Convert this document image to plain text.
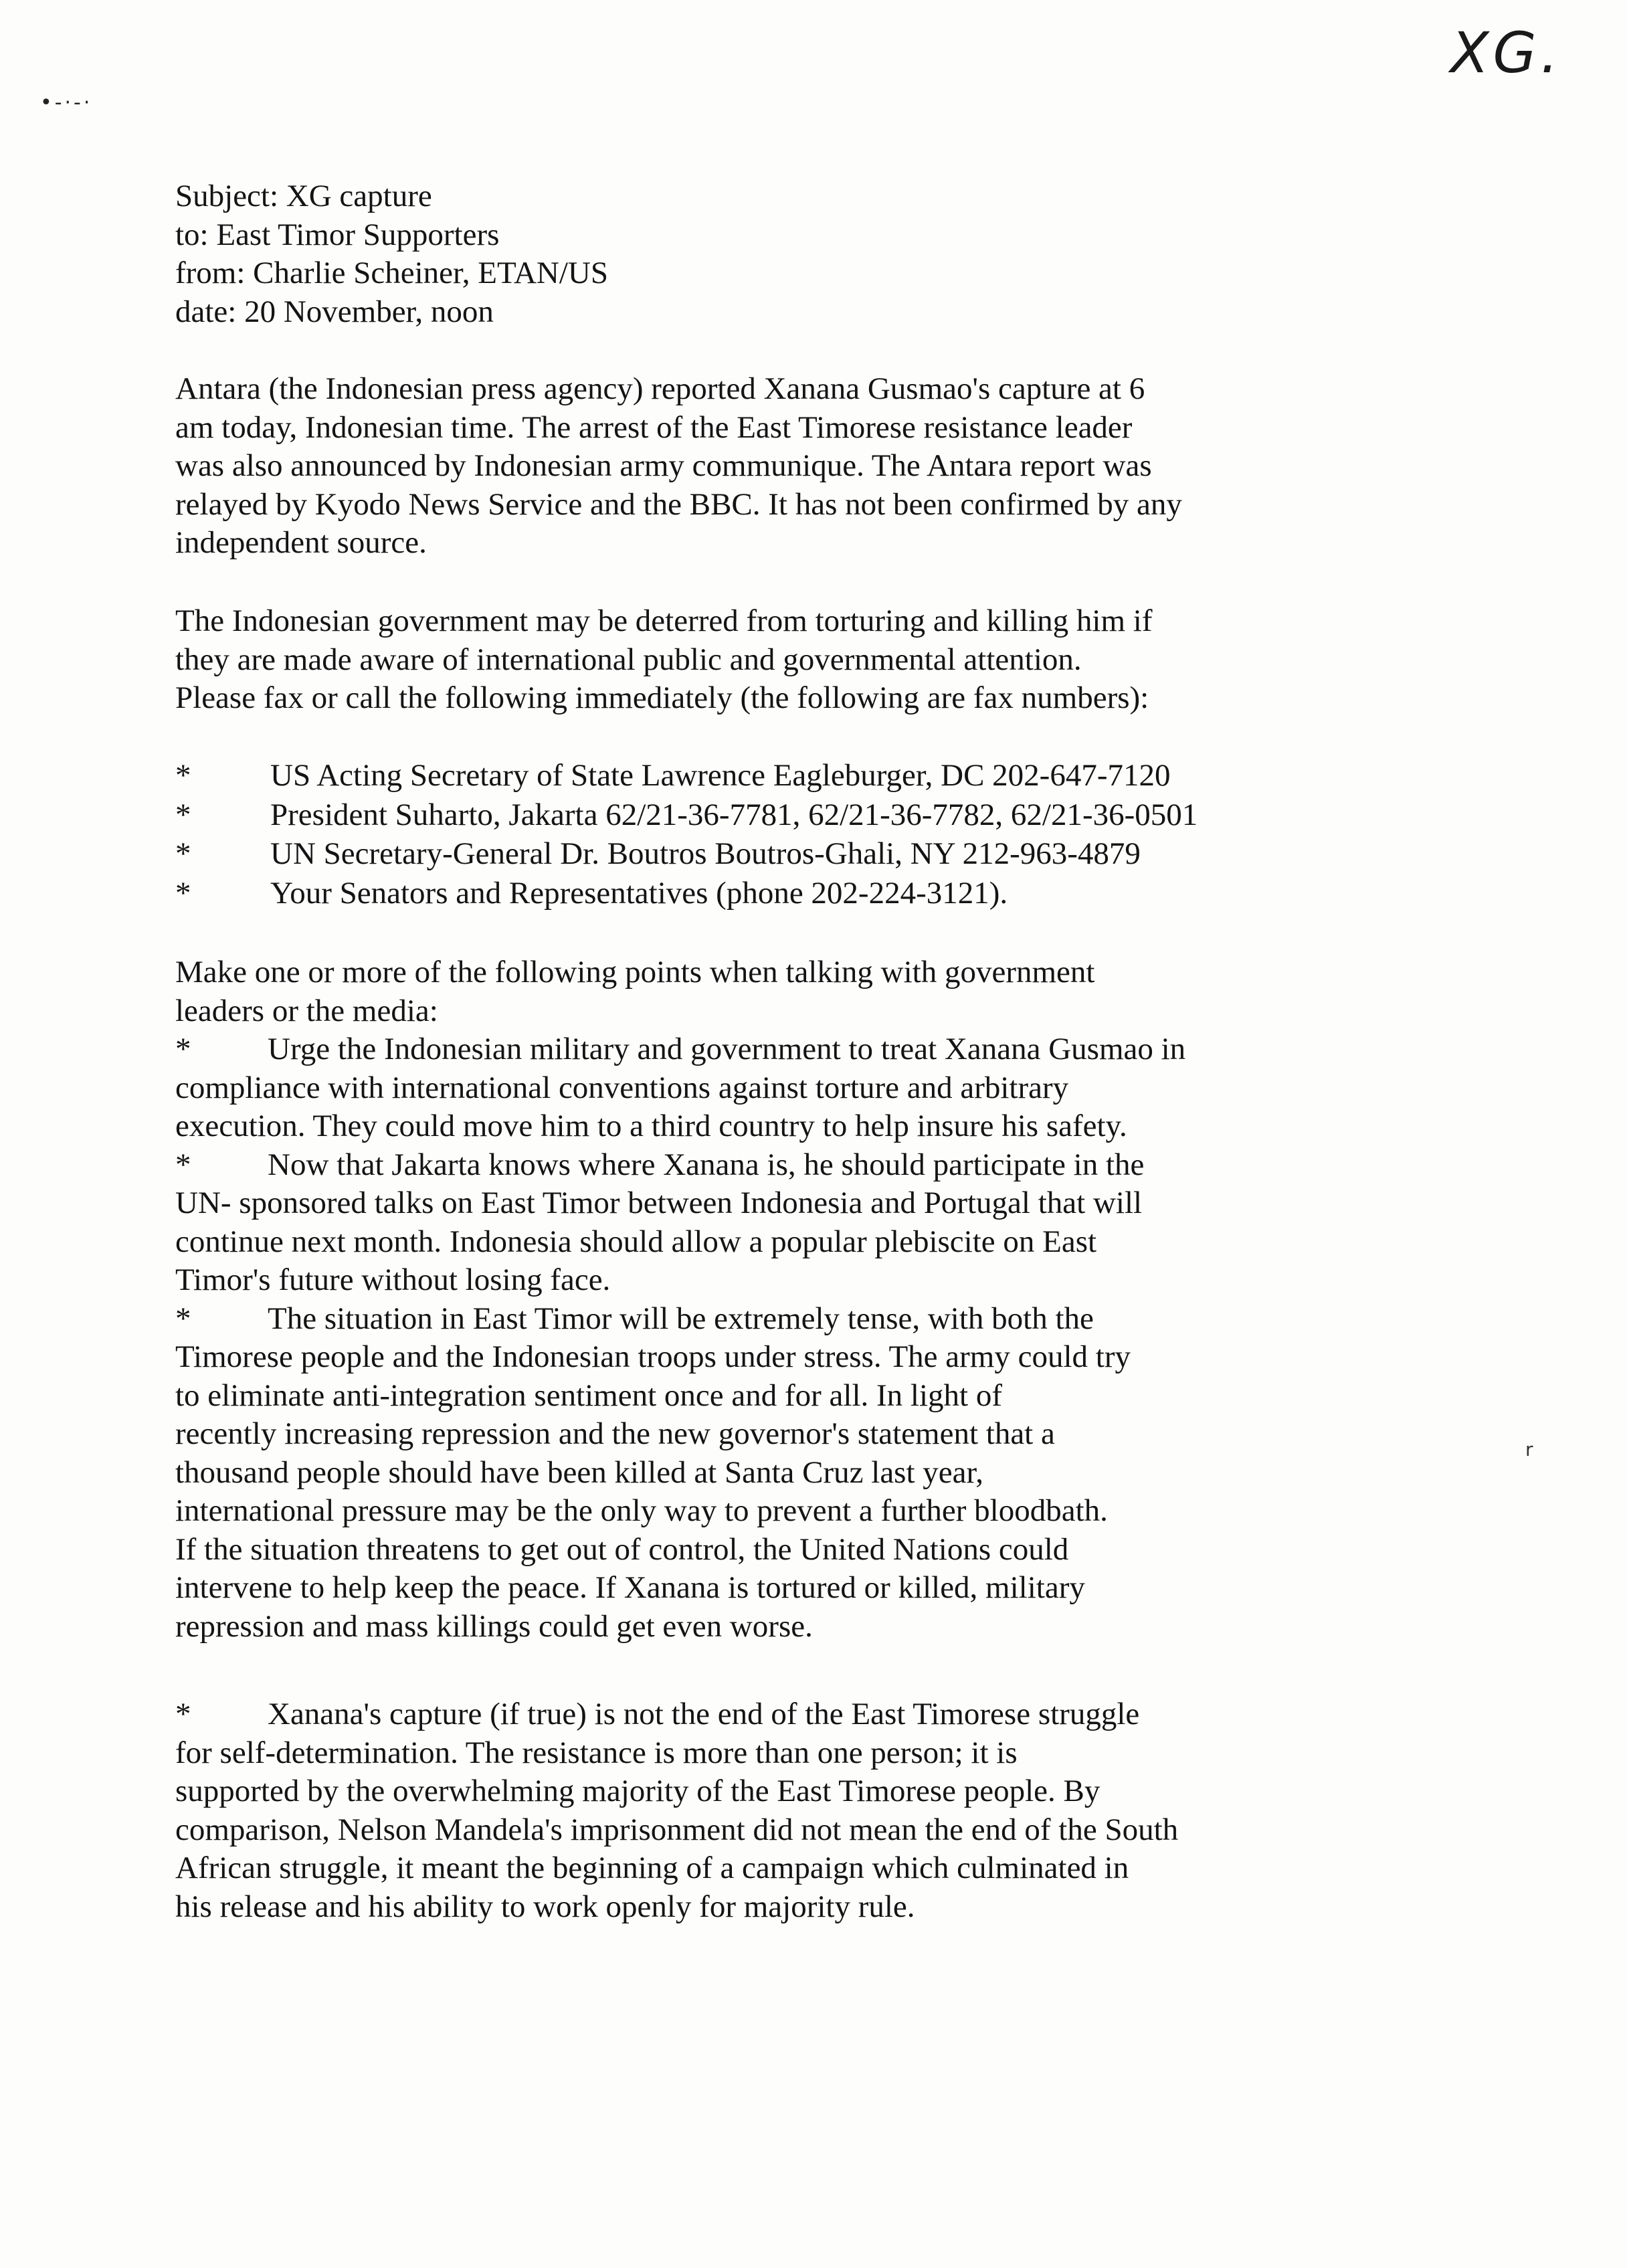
XG.
•-·-·
r

Subject: XG capture

to: East Timor Supporters

from: Charlie Scheiner, ETAN/US

date: 20 November, noon

Antara (the Indonesian press agency) reported Xanana Gusmao's capture at 6

am today, Indonesian time. The arrest of the East Timorese resistance leader

was also announced by Indonesian army communique. The Antara report was

relayed by Kyodo News Service and the BBC. It has not been confirmed by any

independent source.

The Indonesian government may be deterred from torturing and killing him if

they are made aware of international public and governmental attention.

Please fax or call the following immediately (the following are fax numbers):

*	US Acting Secretary of State Lawrence Eagleburger, DC 202-647-7120
*	President Suharto, Jakarta 62/21-36-7781, 62/21-36-7782, 62/21-36-0501
*	UN Secretary-General Dr. Boutros Boutros-Ghali, NY 212-963-4879
*	Your Senators and Representatives (phone 202-224-3121).

Make one or more of the following points when talking with government

leaders or the media:

* Urge the Indonesian military and government to treat Xanana Gusmao in

compliance with international conventions against torture and arbitrary

execution. They could move him to a third country to help insure his safety.

* Now that Jakarta knows where Xanana is, he should participate in the

UN- sponsored talks on East Timor between Indonesia and Portugal that will

continue next month. Indonesia should allow a popular plebiscite on East

Timor's future without losing face.

* The situation in East Timor will be extremely tense, with both the

Timorese people and the Indonesian troops under stress. The army could try

to eliminate anti-integration sentiment once and for all. In light of

recently increasing repression and the new governor's statement that a

thousand people should have been killed at Santa Cruz last year,

international pressure may be the only way to prevent a further bloodbath.

If the situation threatens to get out of control, the United Nations could

intervene to help keep the peace. If Xanana is tortured or killed, military

repression and mass killings could get even worse.

* Xanana's capture (if true) is not the end of the East Timorese struggle

for self-determination. The resistance is more than one person; it is

supported by the overwhelming majority of the East Timorese people. By

comparison, Nelson Mandela's imprisonment did not mean the end of the South

African struggle, it meant the beginning of a campaign which culminated in

his release and his ability to work openly for majority rule.
